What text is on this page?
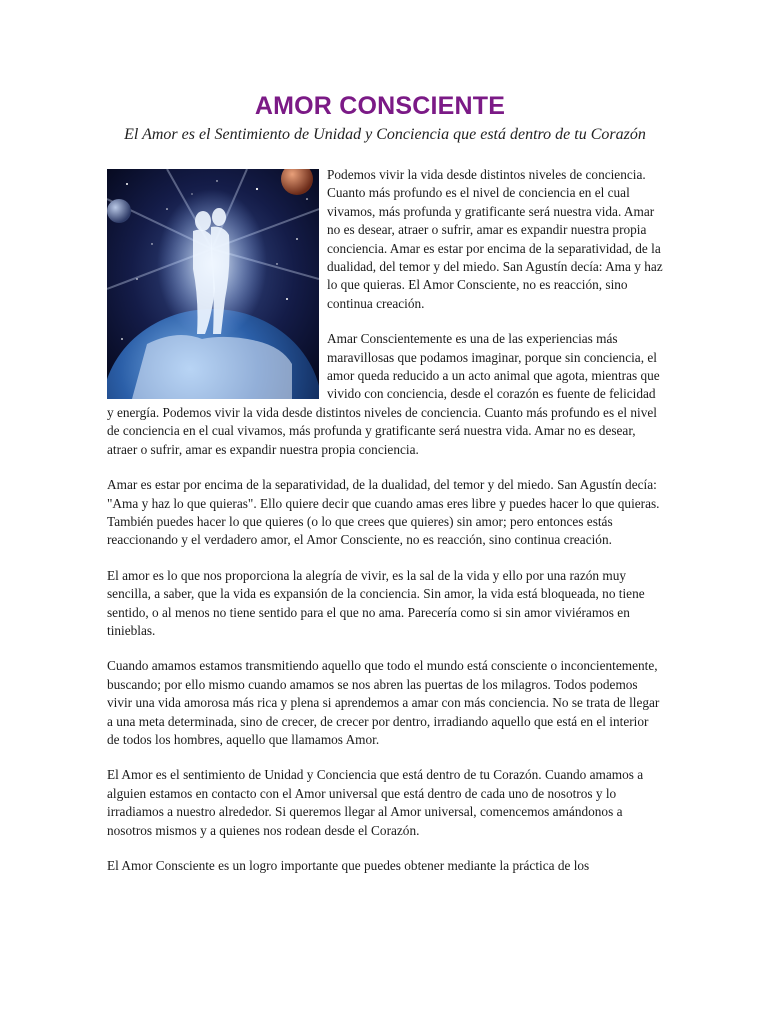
AMOR CONSCIENTE
El Amor es el Sentimiento de Unidad y Conciencia que está dentro de tu Corazón

Podemos vivir la vida desde distintos niveles de conciencia. Cuanto más profundo es el nivel de conciencia en el cual vivamos, más profunda y gratificante será nuestra vida. Amar no es desear, atraer o sufrir, amar es expandir nuestra propia conciencia. Amar es estar por encima de la separatividad, de la dualidad, del temor y del miedo. San Agustín decía: Ama y haz lo que quieras. El Amor Consciente, no es reacción, sino continua creación.

Amar Conscientemente es una de las experiencias más maravillosas que podamos imaginar, porque sin conciencia, el amor queda reducido a un acto animal que agota, mientras que vivido con conciencia, desde el corazón es fuente de felicidad y energía. Podemos vivir la vida desde distintos niveles de conciencia. Cuanto más profundo es el nivel de conciencia en el cual vivamos, más profunda y gratificante será nuestra vida. Amar no es desear, atraer o sufrir, amar es expandir nuestra propia conciencia.

Amar es estar por encima de la separatividad, de la dualidad, del temor y del miedo. San Agustín decía: "Ama y haz lo que quieras". Ello quiere decir que cuando amas eres libre y puedes hacer lo que quieras. También puedes hacer lo que quieres (o lo que crees que quieres) sin amor; pero entonces estás reaccionando y el verdadero amor, el Amor Consciente, no es reacción, sino continua creación.

El amor es lo que nos proporciona la alegría de vivir, es la sal de la vida y ello por una razón muy sencilla, a saber, que la vida es expansión de la conciencia. Sin amor, la vida está bloqueada, no tiene sentido, o al menos no tiene sentido para el que no ama. Parecería como si sin amor viviéramos en tinieblas.

Cuando amamos estamos transmitiendo aquello que todo el mundo está consciente o inconcientemente, buscando; por ello mismo cuando amamos se nos abren las puertas de los milagros. Todos podemos vivir una vida amorosa más rica y plena si aprendemos a amar con más conciencia. No se trata de llegar a una meta determinada, sino de crecer, de crecer por dentro, irradiando aquello que está en el interior de todos los hombres, aquello que llamamos Amor.

El Amor es el sentimiento de Unidad y Conciencia que está dentro de tu Corazón. Cuando amamos a alguien estamos en contacto con el Amor universal que está dentro de cada uno de nosotros y lo irradiamos a nuestro alrededor. Si queremos llegar al Amor universal, comencemos amándonos a nosotros mismos y a quienes nos rodean desde el Corazón.

El Amor Consciente es un logro importante que puedes obtener mediante la práctica de los
